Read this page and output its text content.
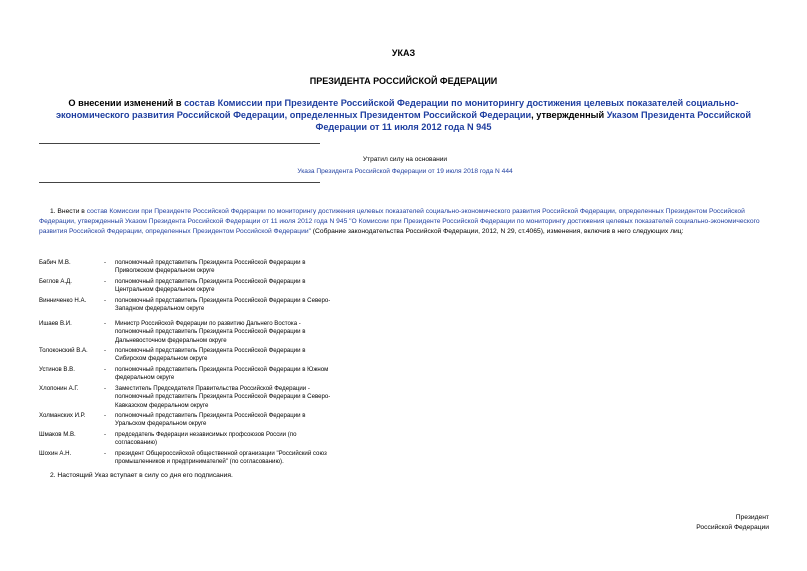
УКАЗ
ПРЕЗИДЕНТА РОССИЙСКОЙ ФЕДЕРАЦИИ
О внесении изменений в состав Комиссии при Президенте Российской Федерации по мониторингу достижения целевых показателей социально-экономического развития Российской Федерации, определенных Президентом Российской Федерации, утвержденный Указом Президента Российской Федерации от 11 июля 2012 года N 945
Утратил силу на основании
Указа Президента Российской Федерации от 19 июля 2018 года N 444
1. Внести в состав Комиссии при Президенте Российской Федерации по мониторингу достижения целевых показателей социально-экономического развития Российской Федерации, определенных Президентом Российской Федерации, утвержденный Указом Президента Российской Федерации от 11 июля 2012 года N 945 "О Комиссии при Президенте Российской Федерации по мониторингу достижения целевых показателей социально-экономического развития Российской Федерации, определенных Президентом Российской Федерации" (Собрание законодательства Российской Федерации, 2012, N 29, ст.4065), изменения, включив в него следующих лиц:
Бабич М.В.	-	полномочный представитель Президента Российской Федерации в Приволжском федеральном округе
Беглов А.Д.	-	полномочный представитель Президента Российской Федерации в Центральном федеральном округе
Винниченко Н.А.	-	полномочный представитель Президента Российской Федерации в Северо-Западном федеральном округе
Ишаев В.И.	-	Министр Российской Федерации по развитию Дальнего Востока - полномочный представитель Президента Российской Федерации в Дальневосточном федеральном округе
Толоконский В.А.	-	полномочный представитель Президента Российской Федерации в Сибирском федеральном округе
Устинов В.В.	-	полномочный представитель Президента Российской Федерации в Южном федеральном округе
Хлопонин А.Г.	-	Заместитель Председателя Правительства Российской Федерации - полномочный представитель Президента Российской Федерации в Северо-Кавказском федеральном округе
Холманских И.Р.	-	полномочный представитель Президента Российской Федерации в Уральском федеральном округе
Шмаков М.В.	-	председатель Федерации независимых профсоюзов России (по согласованию)
Шохин А.Н.	-	президент Общероссийской общественной организации "Российский союз промышленников и предпринимателей" (по согласованию).
2. Настоящий Указ вступает в силу со дня его подписания.
Президент
Российской Федерации
